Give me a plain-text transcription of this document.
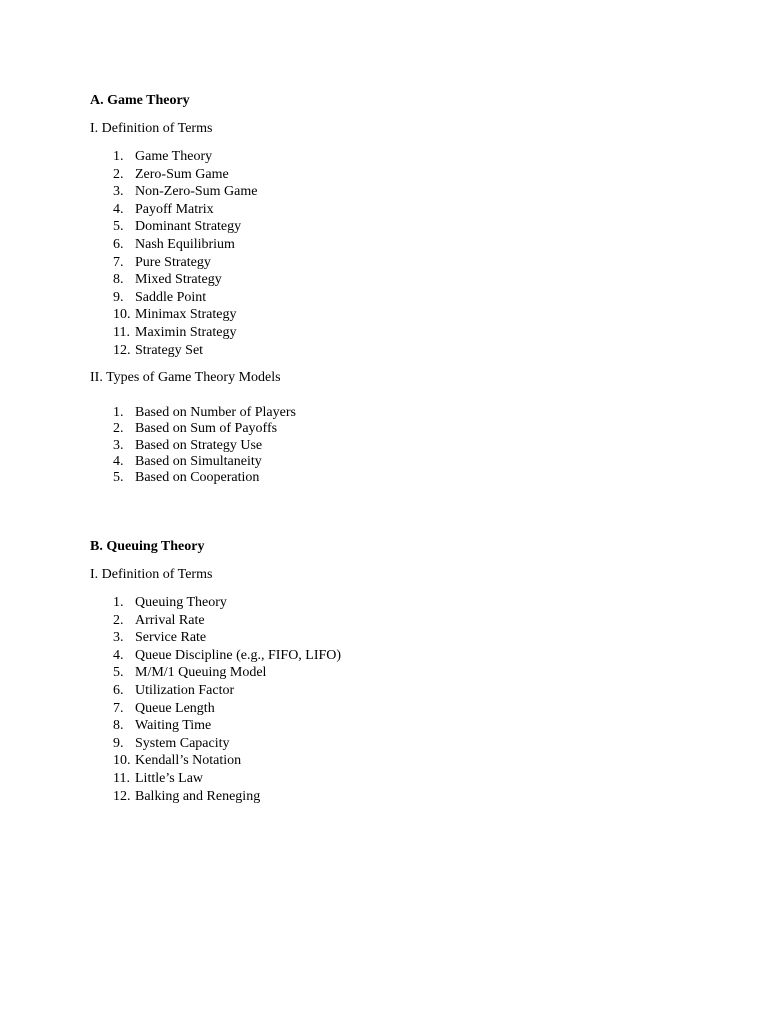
A. Game Theory
I. Definition of Terms
1. Game Theory
2. Zero-Sum Game
3. Non-Zero-Sum Game
4. Payoff Matrix
5. Dominant Strategy
6. Nash Equilibrium
7. Pure Strategy
8. Mixed Strategy
9. Saddle Point
10. Minimax Strategy
11. Maximin Strategy
12. Strategy Set
II. Types of Game Theory Models
1. Based on Number of Players
2. Based on Sum of Payoffs
3. Based on Strategy Use
4. Based on Simultaneity
5. Based on Cooperation
B. Queuing Theory
I. Definition of Terms
1. Queuing Theory
2. Arrival Rate
3. Service Rate
4. Queue Discipline (e.g., FIFO, LIFO)
5. M/M/1 Queuing Model
6. Utilization Factor
7. Queue Length
8. Waiting Time
9. System Capacity
10. Kendall’s Notation
11. Little’s Law
12. Balking and Reneging
